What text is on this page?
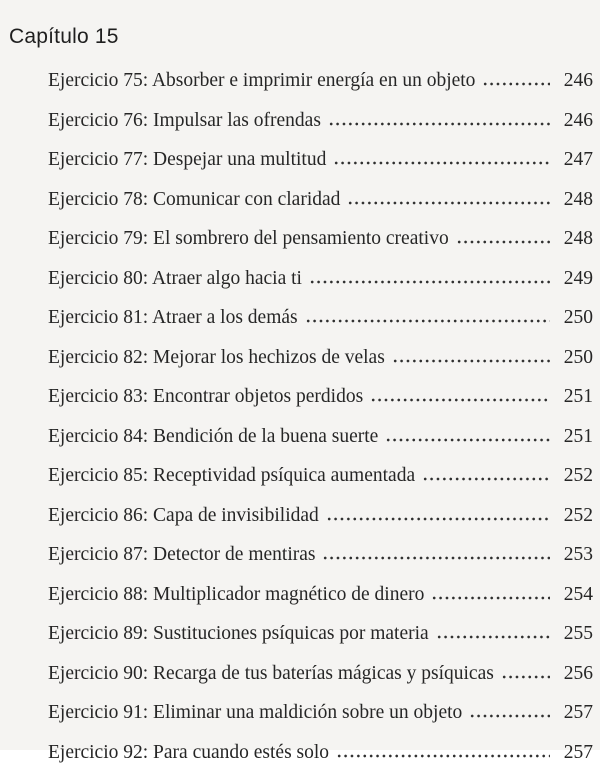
Capítulo 15
Ejercicio 75: Absorber e imprimir energía en un objeto	246
Ejercicio 76: Impulsar las ofrendas	246
Ejercicio 77: Despejar una multitud	247
Ejercicio 78: Comunicar con claridad	248
Ejercicio 79: El sombrero del pensamiento creativo	248
Ejercicio 80: Atraer algo hacia ti	249
Ejercicio 81: Atraer a los demás	250
Ejercicio 82: Mejorar los hechizos de velas	250
Ejercicio 83: Encontrar objetos perdidos	251
Ejercicio 84: Bendición de la buena suerte	251
Ejercicio 85: Receptividad psíquica aumentada	252
Ejercicio 86: Capa de invisibilidad	252
Ejercicio 87: Detector de mentiras	253
Ejercicio 88: Multiplicador magnético de dinero	254
Ejercicio 89: Sustituciones psíquicas por materia	255
Ejercicio 90: Recarga de tus baterías mágicas y psíquicas	256
Ejercicio 91: Eliminar una maldición sobre un objeto	257
Ejercicio 92: Para cuando estés solo	257
